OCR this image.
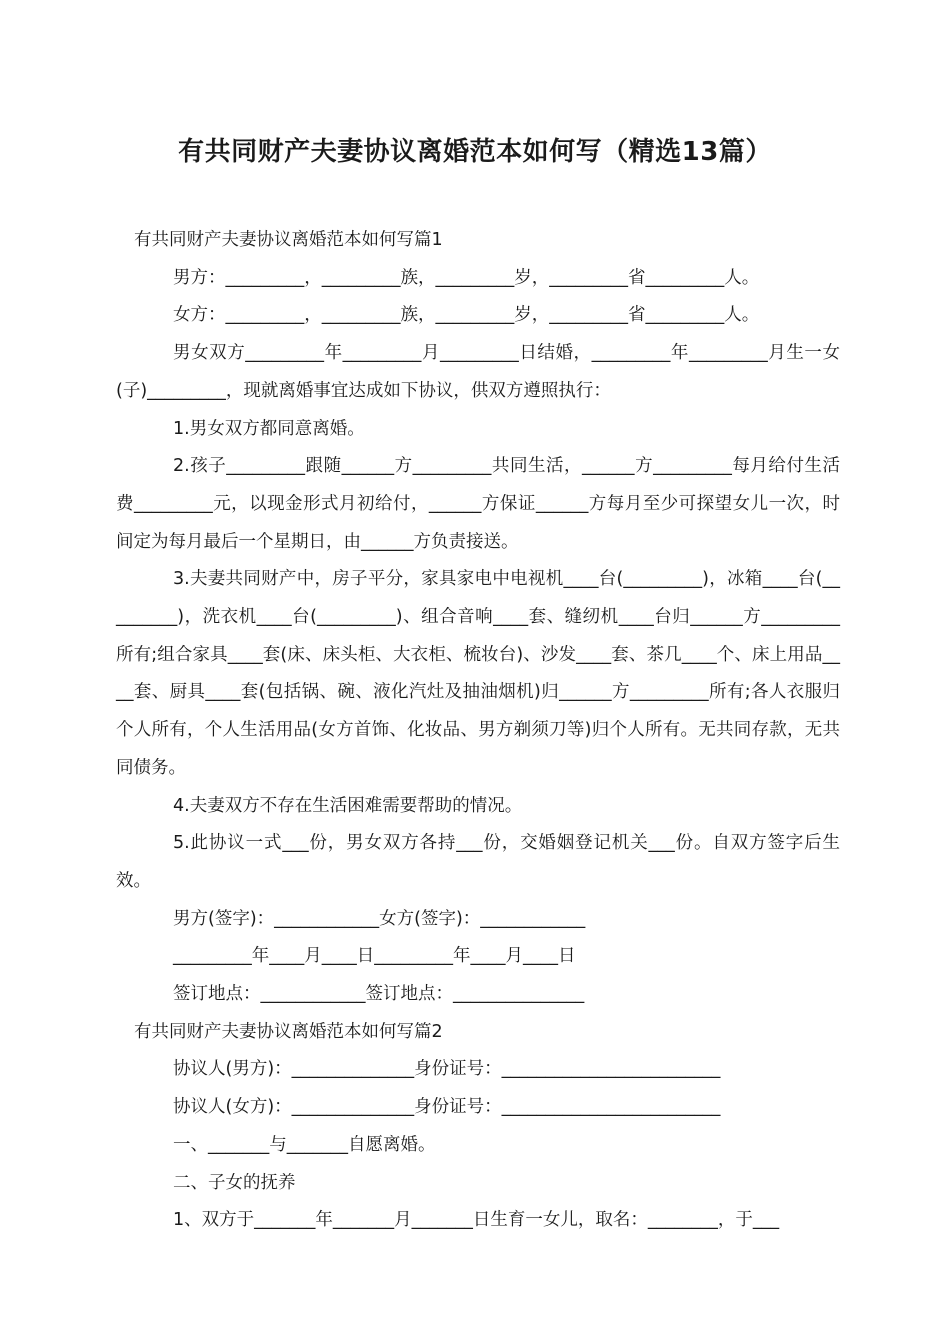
有共同财产夫妻协议离婚范本如何写（精选13篇）

有共同财产夫妻协议离婚范本如何写篇1

男方：_________，_________族，_________岁，_________省_________人。

女方：_________，_________族，_________岁，_________省_________人。

男女双方_________年_________月_________日结婚，_________年_________月生一女(子)_________，现就离婚事宜达成如下协议，供双方遵照执行：

1.男女双方都同意离婚。

2.孩子_________跟随______方_________共同生活，______方_________每月给付生活费_________元，以现金形式月初给付，______方保证______方每月至少可探望女儿一次，时间定为每月最后一个星期日，由______方负责接送。

3.夫妻共同财产中，房子平分，家具家电中电视机____台(_________)，冰箱____台(_________)，洗衣机____台(_________)、组合音响____套、缝纫机____台归______方_________所有;组合家具____套(床、床头柜、大衣柜、梳妆台)、沙发____套、茶几____个、床上用品____套、厨具____套(包括锅、碗、液化汽灶及抽油烟机)归______方_________所有;各人衣服归个人所有，个人生活用品(女方首饰、化妆品、男方剃须刀等)归个人所有。无共同存款，无共同债务。

4.夫妻双方不存在生活困难需要帮助的情况。

5.此协议一式___份，男女双方各持___份，交婚姻登记机关___份。自双方签字后生效。

男方(签字)：____________女方(签字)：____________

_________年____月____日_________年____月____日

签订地点：____________签订地点：_______________

有共同财产夫妻协议离婚范本如何写篇2

协议人(男方)：______________身份证号：_________________________

协议人(女方)：______________身份证号：_________________________

一、_______与_______自愿离婚。

二、子女的抚养

1、双方于_______年_______月_______日生育一女儿，取名：________，于___
